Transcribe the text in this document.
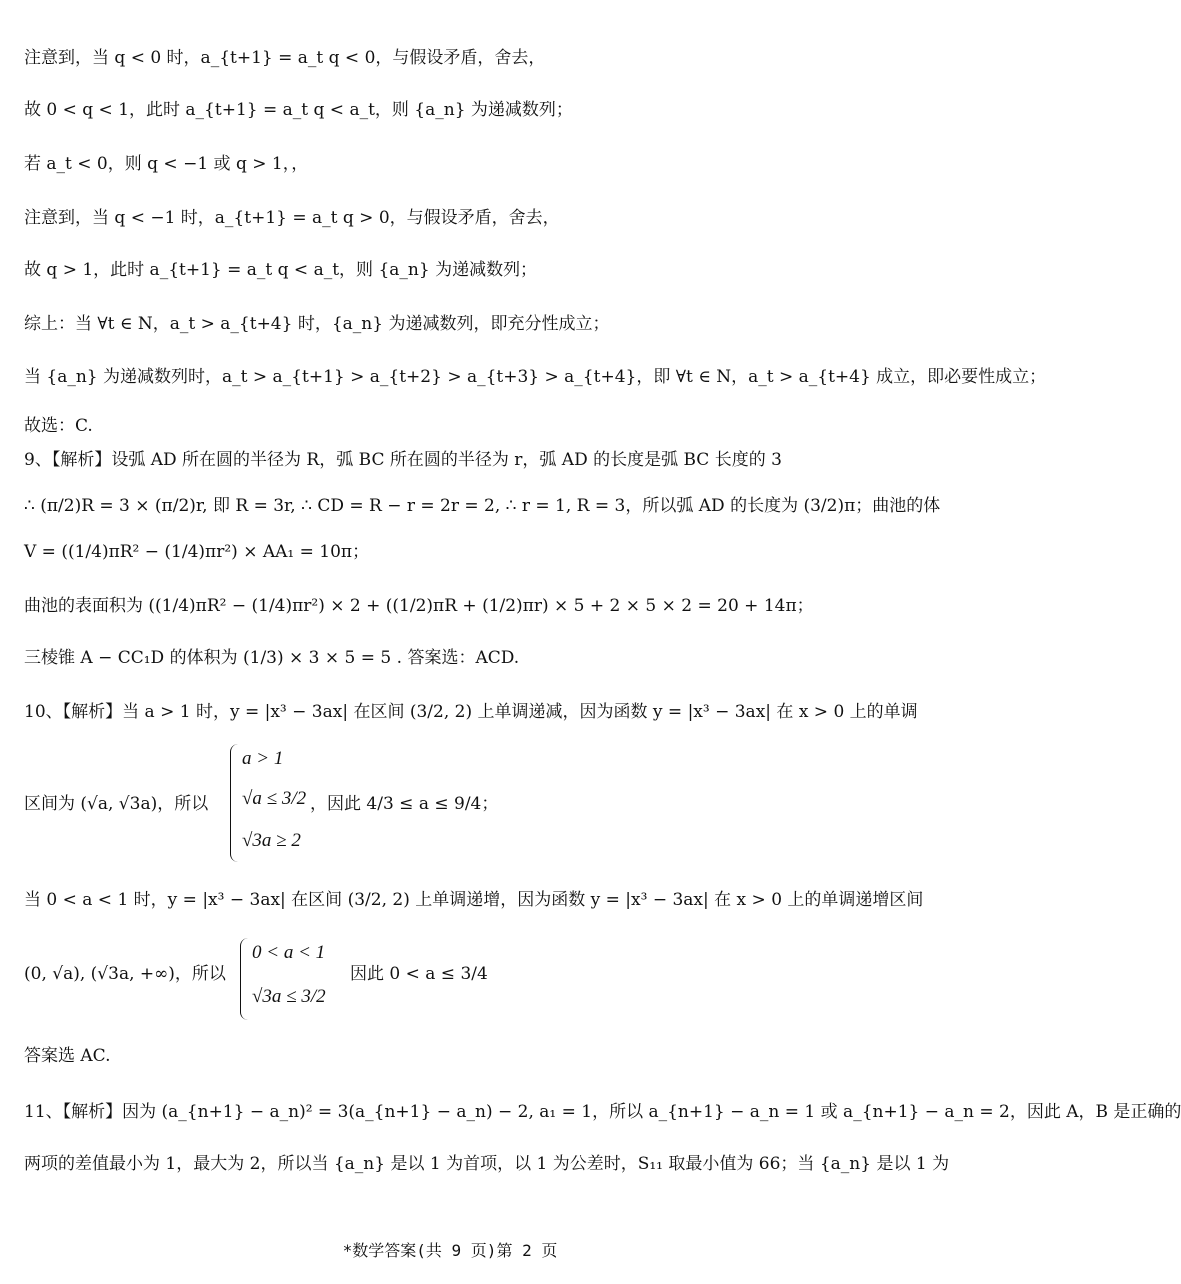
注意到，当 q < 0 时，a_{t+1} = a_t q < 0，与假设矛盾，舍去，
故 0 < q < 1，此时 a_{t+1} = a_t q < a_t，则 {a_n} 为递减数列；
若 a_t < 0，则 q < −1 或 q > 1，，
注意到，当 q < −1 时，a_{t+1} = a_t q > 0，与假设矛盾，舍去，
故 q > 1，此时 a_{t+1} = a_t q < a_t，则 {a_n} 为递减数列；
综上：当 ∀t ∈ N，a_t > a_{t+4} 时，{a_n} 为递减数列，即充分性成立；
当 {a_n} 为递减数列时，a_t > a_{t+1} > a_{t+2} > a_{t+3} > a_{t+4}，即 ∀t ∈ N，a_t > a_{t+4} 成立，即必要性成立；
故选：C.
9、【解析】设弧 AD 所在圆的半径为 R，弧 BC 所在圆的半径为 r，弧 AD 的长度是弧 BC 长度的 3
∴ (π/2)R = 3 × (π/2)r, 即 R = 3r, ∴ CD = R − r = 2r = 2, ∴ r = 1, R = 3，所以弧 AD 的长度为 (3/2)π；曲池的体
V = ((1/4)πR² − (1/4)πr²) × AA₁ = 10π；
曲池的表面积为 ((1/4)πR² − (1/4)πr²) × 2 + ((1/2)πR + (1/2)πr) × 5 + 2 × 5 × 2 = 20 + 14π；
三棱锥 A − CC₁D 的体积为 (1/3) × 3 × 5 = 5 . 答案选：ACD.
10、【解析】当 a > 1 时，y = |x³ − 3ax| 在区间 (3/2, 2) 上单调递减，因为函数 y = |x³ − 3ax| 在 x > 0 上的单调
区间为 (√a, √3a)，所以
a > 1
√a ≤ 3/2
√3a ≥ 2
，因此 4/3 ≤ a ≤ 9/4；
当 0 < a < 1 时，y = |x³ − 3ax| 在区间 (3/2, 2) 上单调递增，因为函数 y = |x³ − 3ax| 在 x > 0 上的单调递增区间
(0, √a), (√3a, +∞)，所以
0 < a < 1
√3a ≤ 3/2
因此 0 < a ≤ 3/4
答案选 AC.
11、【解析】因为 (a_{n+1} − a_n)² = 3(a_{n+1} − a_n) − 2, a₁ = 1，所以 a_{n+1} − a_n = 1 或 a_{n+1} − a_n = 2，因此 A，B 是正确的
两项的差值最小为 1，最大为 2，所以当 {a_n} 是以 1 为首项，以 1 为公差时，S₁₁ 取最小值为 66；当 {a_n} 是以 1 为
*数学答案(共 9 页)第 2 页
